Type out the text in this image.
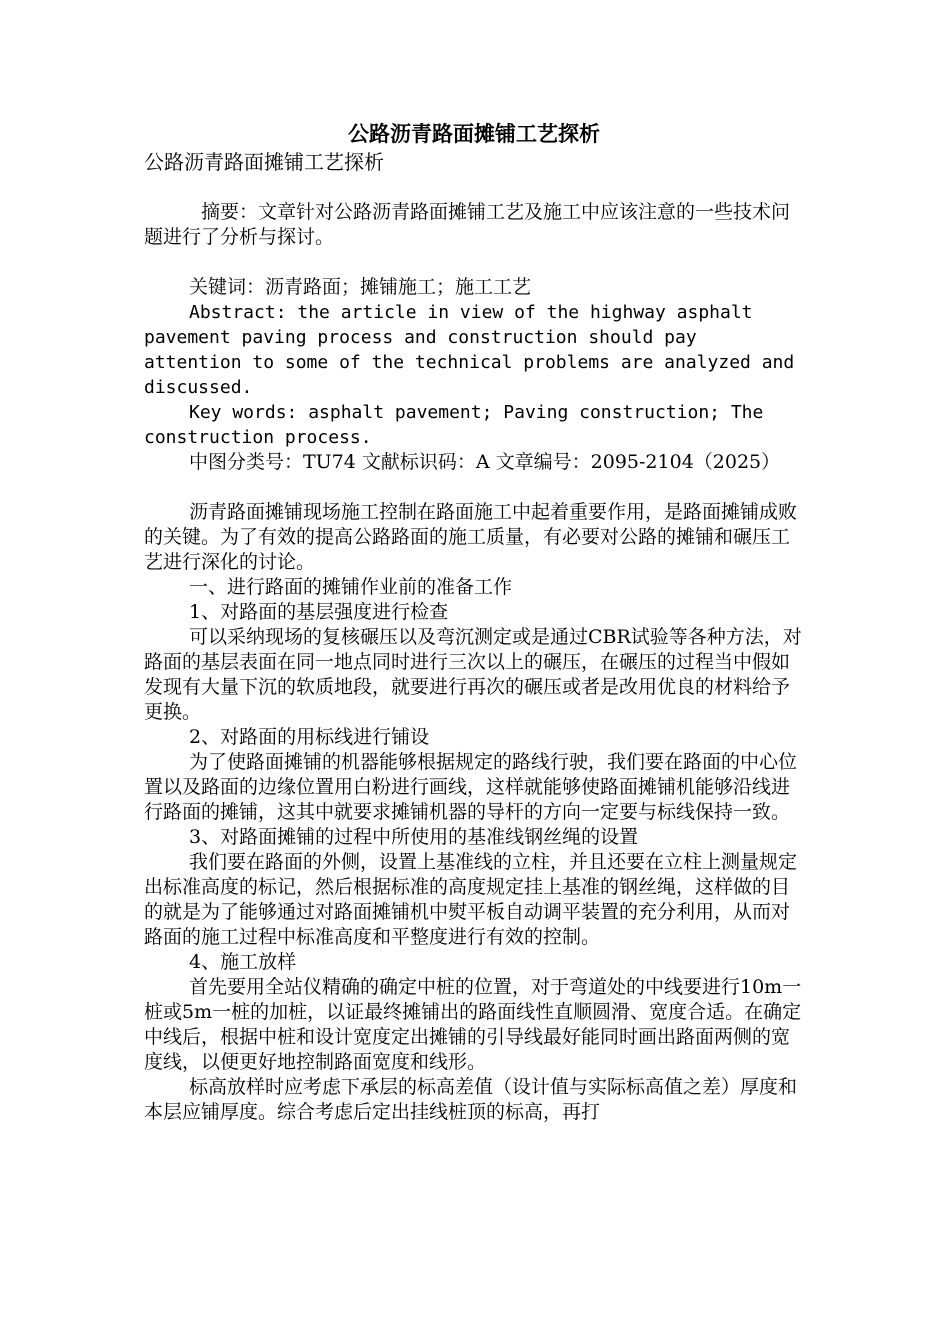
公路沥青路面摊铺工艺探析

公路沥青路面摊铺工艺探析

摘要：文章针对公路沥青路面摊铺工艺及施工中应该注意的一些技术问题进行了分析与探讨。

关键词：沥青路面；摊铺施工；施工工艺

Abstract: the article in view of the highway asphalt pavement paving process and construction should pay attention to some of the technical problems are analyzed and discussed.

Key words: asphalt pavement; Paving construction; The construction process.

中图分类号：TU74 文献标识码：A 文章编号：2095-2104（2025）

沥青路面摊铺现场施工控制在路面施工中起着重要作用，是路面摊铺成败的关键。为了有效的提高公路路面的施工质量，有必要对公路的摊铺和碾压工艺进行深化的讨论。

一、进行路面的摊铺作业前的准备工作

1、对路面的基层强度进行检查

可以采纳现场的复核碾压以及弯沉测定或是通过CBR试验等各种方法，对路面的基层表面在同一地点同时进行三次以上的碾压，在碾压的过程当中假如发现有大量下沉的软质地段，就要进行再次的碾压或者是改用优良的材料给予更换。

2、对路面的用标线进行铺设

为了使路面摊铺的机器能够根据规定的路线行驶，我们要在路面的中心位置以及路面的边缘位置用白粉进行画线，这样就能够使路面摊铺机能够沿线进行路面的摊铺，这其中就要求摊铺机器的导杆的方向一定要与标线保持一致。

3、对路面摊铺的过程中所使用的基准线钢丝绳的设置

我们要在路面的外侧，设置上基准线的立柱，并且还要在立柱上测量规定出标准高度的标记，然后根据标准的高度规定挂上基准的钢丝绳，这样做的目的就是为了能够通过对路面摊铺机中熨平板自动调平装置的充分利用，从而对路面的施工过程中标准高度和平整度进行有效的控制。

4、施工放样

首先要用全站仪精确的确定中桩的位置，对于弯道处的中线要进行10m一桩或5m一桩的加桩，以证最终摊铺出的路面线性直顺圆滑、宽度合适。在确定中线后，根据中桩和设计宽度定出摊铺的引导线最好能同时画出路面两侧的宽度线，以便更好地控制路面宽度和线形。

标高放样时应考虑下承层的标高差值（设计值与实际标高值之差）厚度和本层应铺厚度。综合考虑后定出挂线桩顶的标高，再打
